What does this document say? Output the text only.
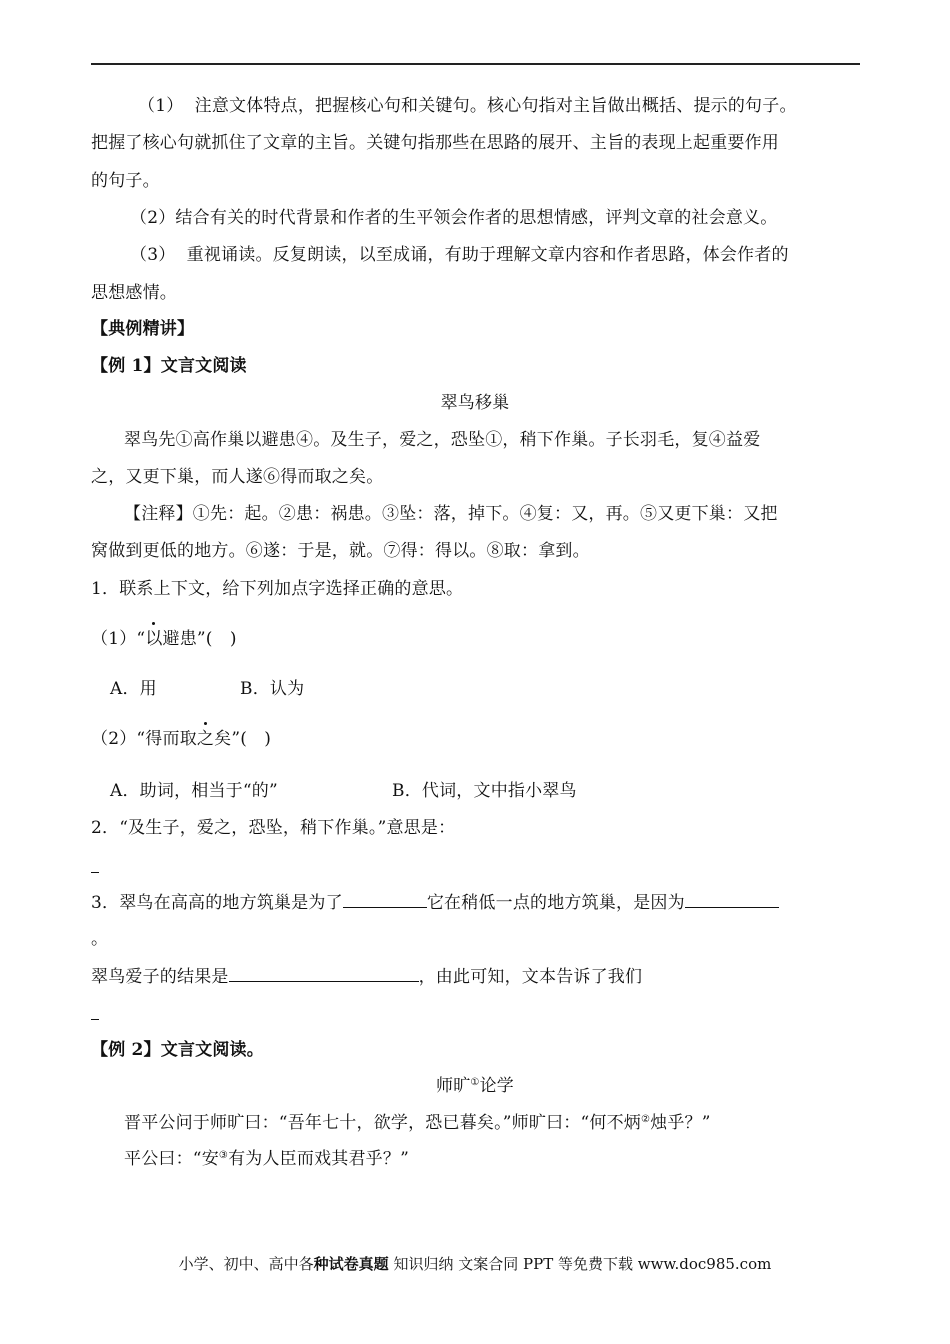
（1） 注意文体特点，把握核心句和关键句。核心句指对主旨做出概括、提示的句子。
把握了核心句就抓住了文章的主旨。关键句指那些在思路的展开、主旨的表现上起重要作用
的句子。
（2）结合有关的时代背景和作者的生平领会作者的思想情感，评判文章的社会意义。
（3） 重视诵读。反复朗读，以至成诵，有助于理解文章内容和作者思路，体会作者的
思想感情。
【典例精讲】
【例 1】文言文阅读
翠鸟移巢
翠鸟先①高作巢以避患④。及生子，爱之，恐坠①，稍下作巢。子长羽毛，复④益爱
之，又更下巢，而人遂⑥得而取之矣。
【注释】①先：起。②患：祸患。③坠：落，掉下。④复：又，再。⑤又更下巢：又把
窝做到更低的地方。⑥遂：于是，就。⑦得：得以。⑧取：拿到。
1．联系上下文，给下列加点字选择正确的意思。
（1）“以避患”(　)
A．用	B．认为
（2）“得而取之矣”(　)
A．助词，相当于“的”	B．代词，文中指小翠鸟
2．“及生子，爱之，恐坠，稍下作巢。”意思是：
3．翠鸟在高高的地方筑巢是为了	它在稍低一点的地方筑巢，是因为
。
翠鸟爱子的结果是	，由此可知，文本告诉了我们
【例 2】文言文阅读。
师旷①论学
晋平公问于师旷曰：“吾年七十，欲学，恐已暮矣。”师旷曰：“何不炳②烛乎？”
平公曰：“安③有为人臣而戏其君乎？”
小学、初中、高中各种试卷真题 知识归纳 文案合同 PPT 等免费下载 www.doc985.com
